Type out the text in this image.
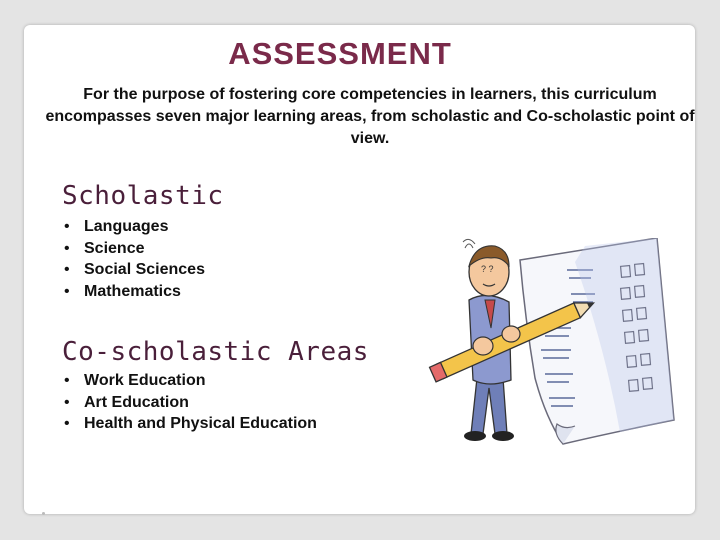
ASSESSMENT
For the purpose of fostering core competencies in learners, this curriculum encompasses seven major learning areas, from scholastic and Co-scholastic point of view.
Scholastic
• Languages
• Science
• Social Sciences
• Mathematics
Co-scholastic Areas
• Work Education
• Art Education
• Health and Physical Education
? ?
